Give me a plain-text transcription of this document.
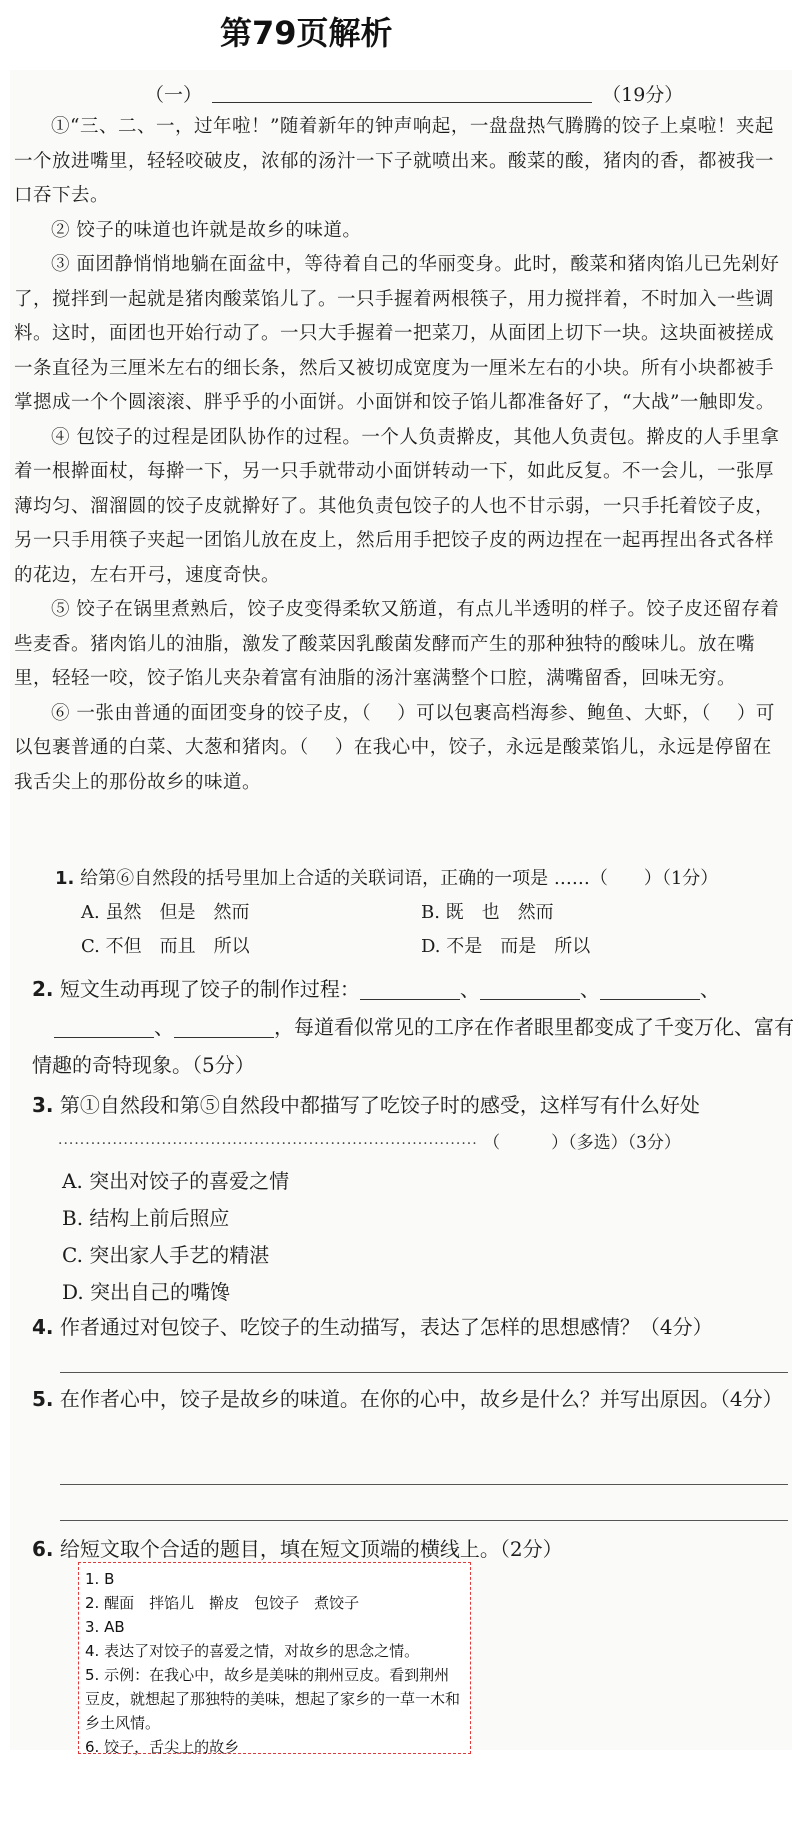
第79页解析
（一）	（19分）

①“三、二、一，过年啦！”随着新年的钟声响起，一盘盘热气腾腾的饺子上桌啦！夹起一个放进嘴里，轻轻咬破皮，浓郁的汤汁一下子就喷出来。酸菜的酸，猪肉的香，都被我一口吞下去。

② 饺子的味道也许就是故乡的味道。

③ 面团静悄悄地躺在面盆中，等待着自己的华丽变身。此时，酸菜和猪肉馅儿已先剁好了，搅拌到一起就是猪肉酸菜馅儿了。一只手握着两根筷子，用力搅拌着，不时加入一些调料。这时，面团也开始行动了。一只大手握着一把菜刀，从面团上切下一块。这块面被搓成一条直径为三厘米左右的细长条，然后又被切成宽度为一厘米左右的小块。所有小块都被手掌摁成一个个圆滚滚、胖乎乎的小面饼。小面饼和饺子馅儿都准备好了，“大战”一触即发。

④ 包饺子的过程是团队协作的过程。一个人负责擀皮，其他人负责包。擀皮的人手里拿着一根擀面杖，每擀一下，另一只手就带动小面饼转动一下，如此反复。不一会儿，一张厚薄均匀、溜溜圆的饺子皮就擀好了。其他负责包饺子的人也不甘示弱，一只手托着饺子皮，另一只手用筷子夹起一团馅儿放在皮上，然后用手把饺子皮的两边捏在一起再捏出各式各样的花边，左右开弓，速度奇快。

⑤ 饺子在锅里煮熟后，饺子皮变得柔软又筋道，有点儿半透明的样子。饺子皮还留存着些麦香。猪肉馅儿的油脂，激发了酸菜因乳酸菌发酵而产生的那种独特的酸味儿。放在嘴里，轻轻一咬，饺子馅儿夹杂着富有油脂的汤汁塞满整个口腔，满嘴留香，回味无穷。

⑥ 一张由普通的面团变身的饺子皮，（ ）可以包裹高档海参、鲍鱼、大虾，（ ）可以包裹普通的白菜、大葱和猪肉。（ ）在我心中，饺子，永远是酸菜馅儿，永远是停留在我舌尖上的那份故乡的味道。

1. 给第⑥自然段的括号里加上合适的关联词语，正确的一项是 ……（　　）（1分）
A. 虽然　但是　然而	B. 既　也　然而
C. 不但　而且　所以	D. 不是　而是　所以
2. 短文生动再现了饺子的制作过程：	、	、	、
、	，每道看似常见的工序在作者眼里都变成了千变万化、富有情趣的奇特现象。（5分）
3. 第①自然段和第⑤自然段中都描写了吃饺子时的感受，这样写有什么好处
············································································· （　　　）（多选）（3分）
A. 突出对饺子的喜爱之情
B. 结构上前后照应
C. 突出家人手艺的精湛
D. 突出自己的嘴馋
4. 作者通过对包饺子、吃饺子的生动描写，表达了怎样的思想感情？（4分）
5. 在作者心中，饺子是故乡的味道。在你的心中，故乡是什么？并写出原因。（4分）
6. 给短文取个合适的题目，填在短文顶端的横线上。（2分）
1. B
2. 醒面　拌馅儿　擀皮　包饺子　煮饺子
3. AB
4. 表达了对饺子的喜爱之情，对故乡的思念之情。
5. 示例：在我心中，故乡是美味的荆州豆皮。看到荆州豆皮，就想起了那独特的美味，想起了家乡的一草一木和乡土风情。
6. 饺子，舌尖上的故乡
